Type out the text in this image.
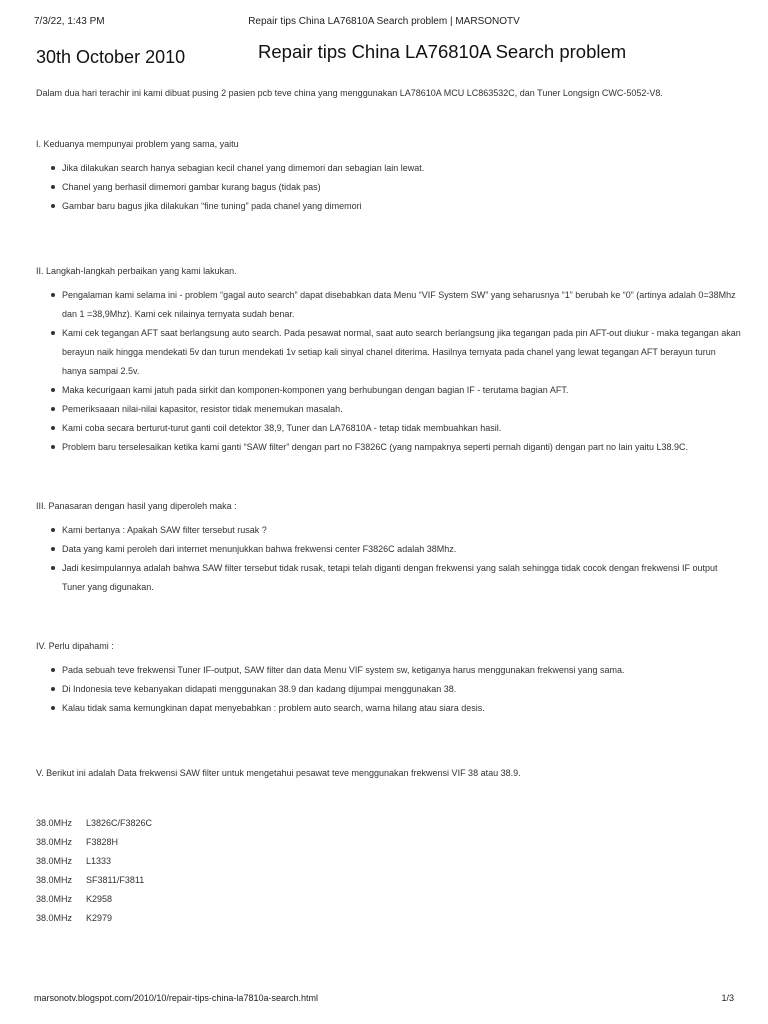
7/3/22, 1:43 PM	Repair tips China LA76810A Search problem | MARSONOTV
30th October 2010	Repair tips China LA76810A Search problem

Dalam dua hari terachir ini kami dibuat pusing 2 pasien pcb teve china yang menggunakan LA78610A MCU LC863532C, dan Tuner Longsign CWC-5052-V8.

I. Keduanya mempunyai problem yang sama, yaitu

Jika dilakukan search hanya sebagian kecil chanel yang dimemori dan sebagian lain lewat.
Chanel yang berhasil dimemori gambar kurang bagus (tidak pas)
Gambar baru bagus jika dilakukan “fine tuning” pada chanel yang dimemori

II. Langkah-langkah perbaikan yang kami lakukan.

Pengalaman kami selama ini - problem “gagal auto search” dapat disebabkan data Menu “VIF System SW” yang seharusnya “1” berubah ke “0” (artinya adalah 0=38Mhz dan 1 =38,9Mhz). Kami cek nilainya ternyata sudah benar.
Kami cek tegangan AFT saat berlangsung auto search. Pada pesawat normal, saat auto search berlangsung jika tegangan pada pin AFT-out diukur - maka tegangan akan berayun naik hingga mendekati 5v dan turun mendekati 1v setiap kali sinyal chanel diterima. Hasilnya ternyata pada chanel yang lewat tegangan AFT berayun turun hanya sampai 2.5v.
Maka kecurigaan kami jatuh pada sirkit dan komponen-komponen yang berhubungan dengan bagian IF - terutama bagian AFT.
Pemeriksaaan nilai-nilai kapasitor, resistor tidak menemukan masalah.
Kami coba secara berturut-turut ganti coil detektor 38,9, Tuner dan LA76810A - tetap tidak membuahkan hasil.
Problem baru terselesaikan ketika kami ganti “SAW filter” dengan part no F3826C (yang nampaknya seperti pernah diganti) dengan part no lain yaitu L38.9C.

III. Panasaran dengan hasil yang diperoleh maka :

Kami bertanya : Apakah SAW filter tersebut rusak ?
Data yang kami peroleh dari internet menunjukkan bahwa frekwensi center F3826C adalah 38Mhz.
Jadi kesimpulannya adalah bahwa SAW filter tersebut tidak rusak, tetapi telah diganti dengan frekwensi yang salah sehingga tidak cocok dengan frekwensi IF output Tuner yang digunakan.

IV. Perlu dipahami :

Pada sebuah teve frekwensi Tuner IF-output, SAW filter dan data Menu VIF system sw, ketiganya harus menggunakan frekwensi yang sama.
Di Indonesia teve kebanyakan didapati menggunakan 38.9 dan kadang dijumpai menggunakan 38.
Kalau tidak sama kemungkinan dapat menyebabkan : problem auto search, warna hilang atau siara desis.

V. Berikut ini adalah Data frekwensi SAW filter untuk mengetahui pesawat teve menggunakan frekwensi VIF 38 atau 38.9.

38.0MHz	L3826C/F3826C
38.0MHz	F3828H
38.0MHz	L1333
38.0MHz	SF3811/F3811
38.0MHz	K2958
38.0MHz	K2979
marsonotv.blogspot.com/2010/10/repair-tips-china-la7810a-search.html	1/3
